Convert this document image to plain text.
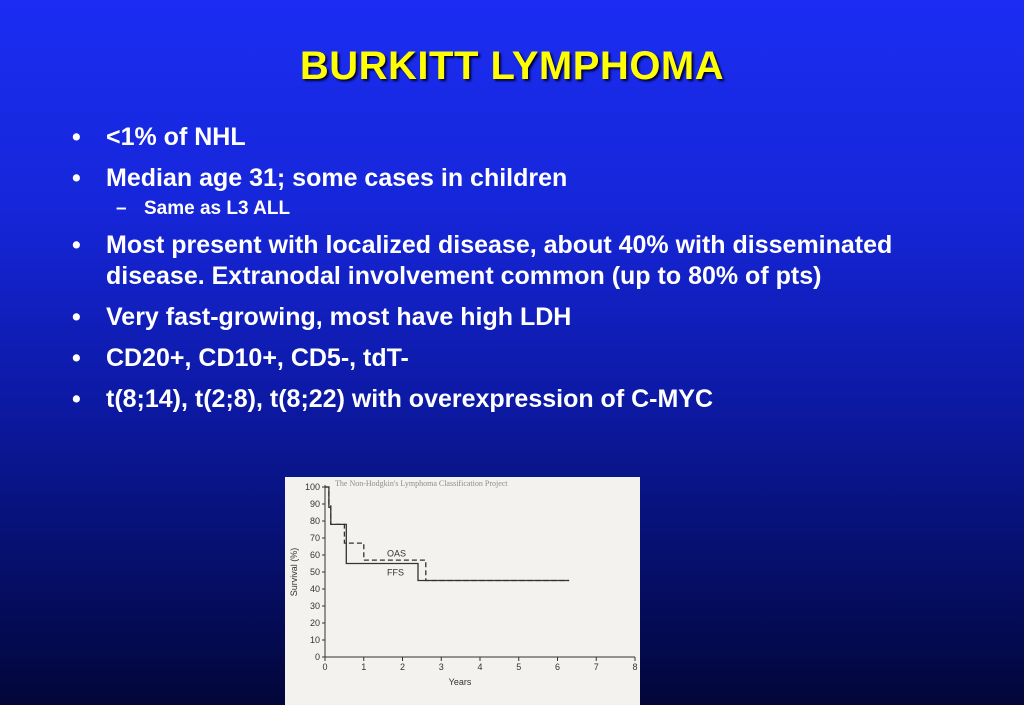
BURKITT LYMPHOMA
• <1% of NHL
• Median age 31; some cases in children
– Same as L3 ALL
• Most present with localized disease, about 40% with disseminated disease. Extranodal involvement common (up to 80% of pts)
• Very fast-growing, most have high LDH
• CD20+, CD10+, CD5-, tdT-
• t(8;14), t(2;8), t(8;22) with overexpression of C-MYC
The Non-Hodgkin's Lymphoma Classification Project
0
10
20
30
40
50
60
70
80
90
100
0	1	2	3	4	5	6	7	8
Years
Survival (%)	OAS
FFS
